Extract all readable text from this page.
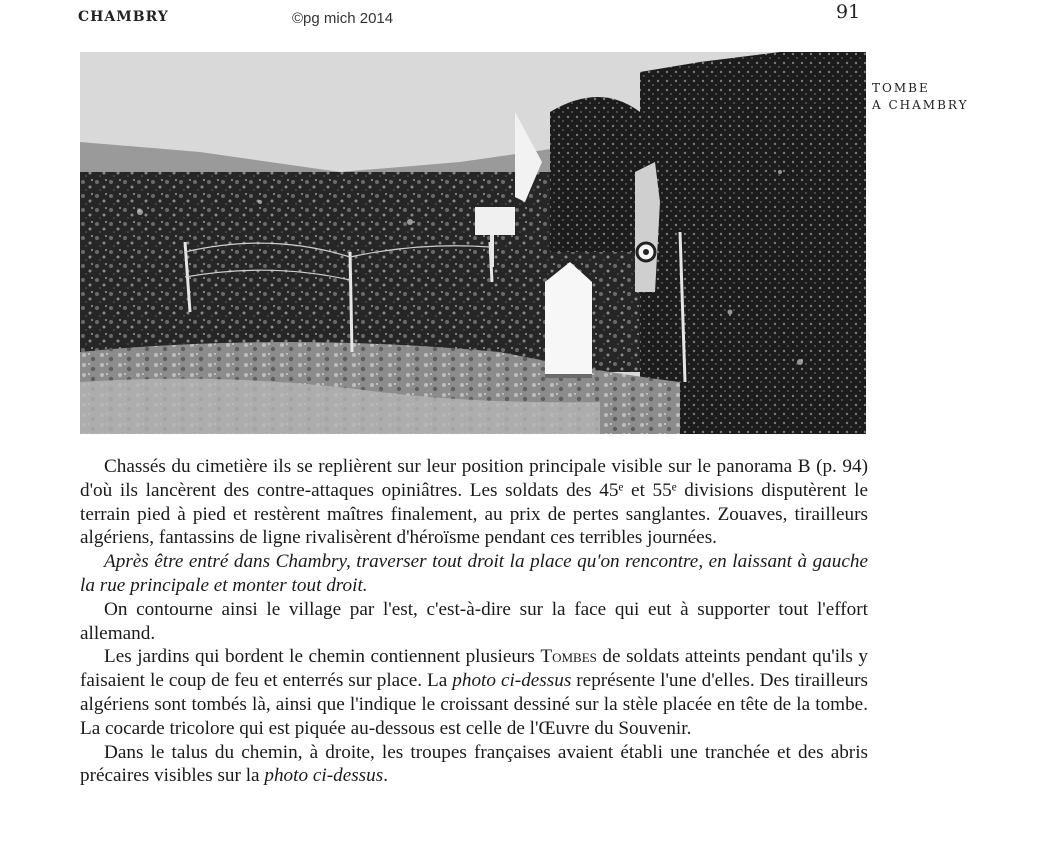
CHAMBRY	©pg mich 2014	91
TOMBE
A CHAMBRY

Chassés du cimetière ils se replièrent sur leur position principale visible sur le panorama B (p. 94) d'où ils lancèrent des contre-attaques opiniâtres. Les soldats des 45ᵉ et 55ᵉ divisions disputèrent le terrain pied à pied et restèrent maîtres finalement, au prix de pertes sanglantes. Zouaves, tirailleurs algériens, fantassins de ligne rivalisèrent d'héroïsme pendant ces terribles journées.

Après être entré dans Chambry, traverser tout droit la place qu'on rencontre, en laissant à gauche la rue principale et monter tout droit.

On contourne ainsi le village par l'est, c'est-à-dire sur la face qui eut à supporter tout l'effort allemand.

Les jardins qui bordent le chemin contiennent plusieurs Tombes de soldats atteints pendant qu'ils y faisaient le coup de feu et enterrés sur place. La photo ci-dessus représente l'une d'elles. Des tirailleurs algériens sont tombés là, ainsi que l'indique le croissant dessiné sur la stèle placée en tête de la tombe. La cocarde tricolore qui est piquée au-dessous est celle de l'Œuvre du Souvenir.

Dans le talus du chemin, à droite, les troupes françaises avaient établi une tranchée et des abris précaires visibles sur la photo ci-dessus.
